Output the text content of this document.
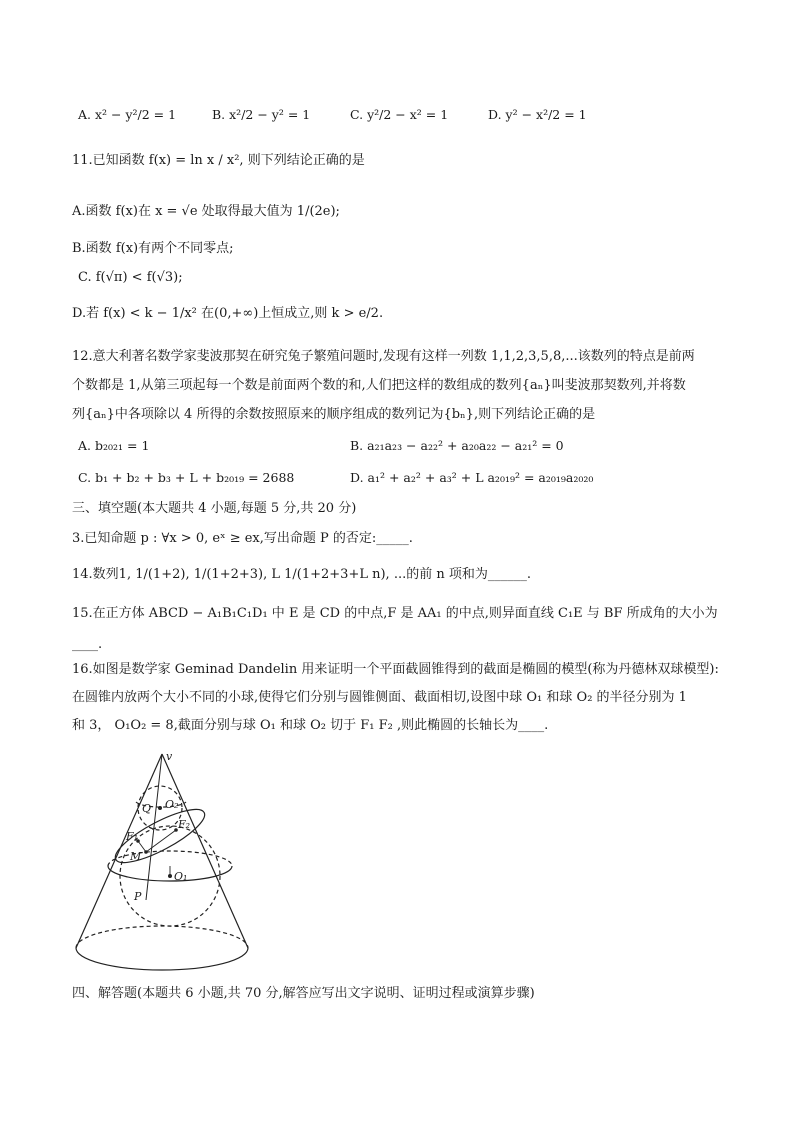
A. x² − y²/2 = 1	B. x²/2 − y² = 1	C. y²/2 − x² = 1	D. y² − x²/2 = 1
11.已知函数 f(x) = ln x / x², 则下列结论正确的是
A.函数 f(x)在 x = √e 处取得最大值为 1/(2e);
B.函数 f(x)有两个不同零点;
C. f(√π) < f(√3);
D.若 f(x) < k − 1/x² 在(0,+∞)上恒成立,则 k > e/2.
12.意大利著名数学家斐波那契在研究兔子繁殖问题时,发现有这样一列数 1,1,2,3,5,8,...该数列的特点是前两
个数都是 1,从第三项起每一个数是前面两个数的和,人们把这样的数组成的数列{aₙ}叫斐波那契数列,并将数
列{aₙ}中各项除以 4 所得的余数按照原来的顺序组成的数列记为{bₙ},则下列结论正确的是
A. b₂₀₂₁ = 1	B. a₂₁a₂₃ − a₂₂² + a₂₀a₂₂ − a₂₁² = 0
C. b₁ + b₂ + b₃ + L + b₂₀₁₉ = 2688	D. a₁² + a₂² + a₃² + L a₂₀₁₉² = a₂₀₁₉a₂₀₂₀
三、填空题(本大题共 4 小题,每题 5 分,共 20 分)
3.已知命题 p : ∀x > 0, eˣ ≥ ex,写出命题 P 的否定:_____.
14.数列1, 1/(1+2), 1/(1+2+3), L 1/(1+2+3+L n), ...的前 n 项和为______.
15.在正方体 ABCD − A₁B₁C₁D₁ 中 E 是 CD 的中点,F 是 AA₁ 的中点,则异面直线 C₁E 与 BF 所成角的大小为
____.
16.如图是数学家 Geminad Dandelin 用来证明一个平面截圆锥得到的截面是椭圆的模型(称为丹德林双球模型):
在圆锥内放两个大小不同的小球,使得它们分别与圆锥侧面、截面相切,设图中球 O₁ 和球 O₂ 的半径分别为 1
和 3， O₁O₂ = 8,截面分别与球 O₁ 和球 O₂ 切于 F₁ F₂ ,则此椭圆的长轴长为____.
v
Q O₂
F₁
F₂
M
O₁
P
四、解答题(本题共 6 小题,共 70 分,解答应写出文字说明、证明过程或演算步骤)
